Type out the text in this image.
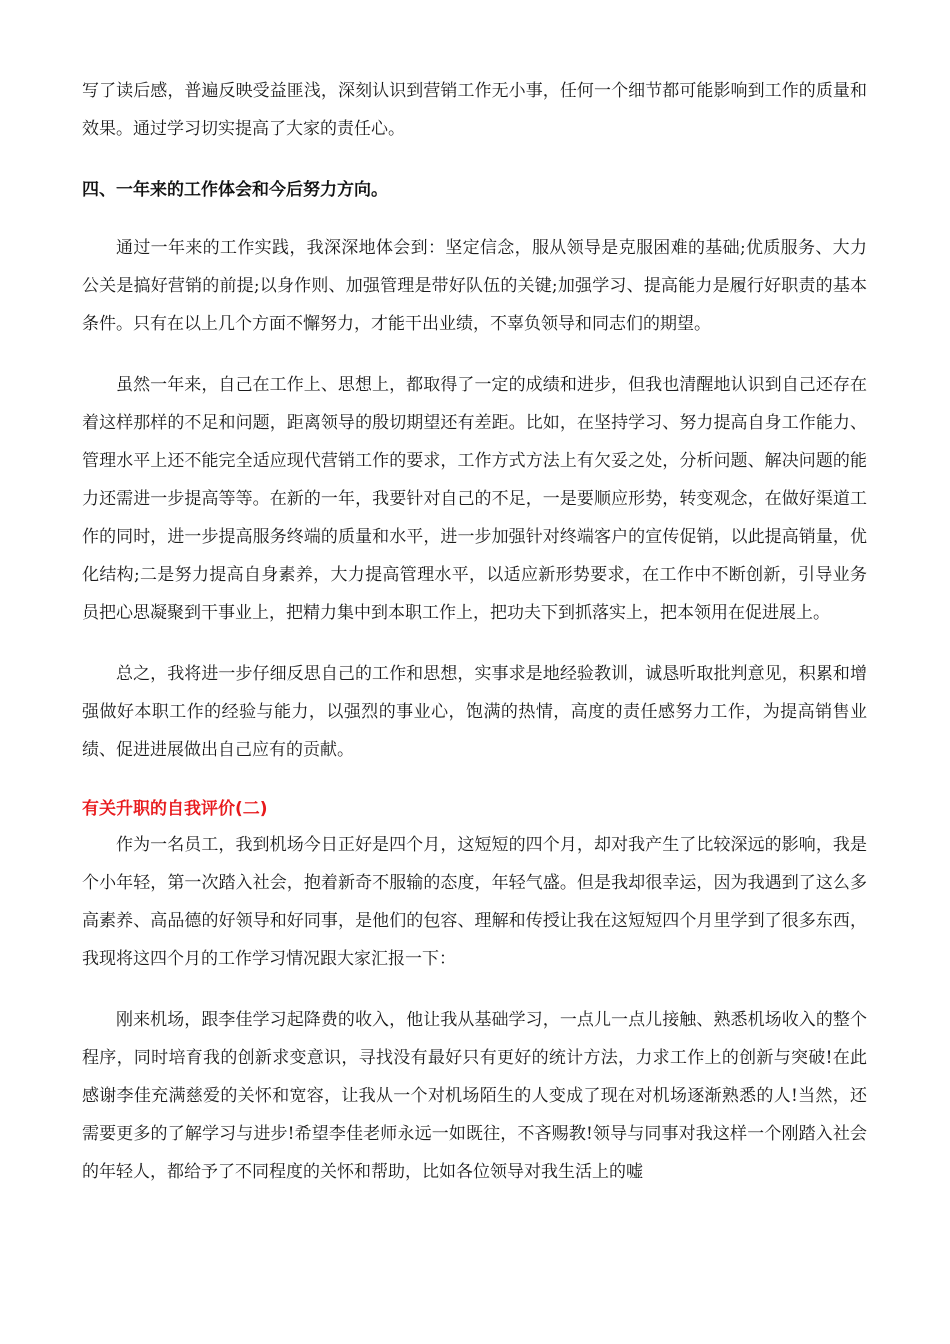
写了读后感，普遍反映受益匪浅，深刻认识到营销工作无小事，任何一个细节都可能影响到工作的质量和效果。通过学习切实提高了大家的责任心。

四、一年来的工作体会和今后努力方向。

通过一年来的工作实践，我深深地体会到：坚定信念，服从领导是克服困难的基础;优质服务、大力公关是搞好营销的前提;以身作则、加强管理是带好队伍的关键;加强学习、提高能力是履行好职责的基本条件。只有在以上几个方面不懈努力，才能干出业绩，不辜负领导和同志们的期望。

虽然一年来，自己在工作上、思想上，都取得了一定的成绩和进步，但我也清醒地认识到自己还存在着这样那样的不足和问题，距离领导的殷切期望还有差距。比如，在坚持学习、努力提高自身工作能力、管理水平上还不能完全适应现代营销工作的要求，工作方式方法上有欠妥之处，分析问题、解决问题的能力还需进一步提高等等。在新的一年，我要针对自己的不足，一是要顺应形势，转变观念，在做好渠道工作的同时，进一步提高服务终端的质量和水平，进一步加强针对终端客户的宣传促销，以此提高销量，优化结构;二是努力提高自身素养，大力提高管理水平，以适应新形势要求，在工作中不断创新，引导业务员把心思凝聚到干事业上，把精力集中到本职工作上，把功夫下到抓落实上，把本领用在促进展上。

总之，我将进一步仔细反思自己的工作和思想，实事求是地经验教训，诚恳听取批判意见，积累和增强做好本职工作的经验与能力，以强烈的事业心，饱满的热情，高度的责任感努力工作，为提高销售业绩、促进进展做出自己应有的贡献。

有关升职的自我评价(二)

作为一名员工，我到机场今日正好是四个月，这短短的四个月，却对我产生了比较深远的影响，我是个小年轻，第一次踏入社会，抱着新奇不服输的态度，年轻气盛。但是我却很幸运，因为我遇到了这么多高素养、高品德的好领导和好同事，是他们的包容、理解和传授让我在这短短四个月里学到了很多东西，我现将这四个月的工作学习情况跟大家汇报一下：

刚来机场，跟李佳学习起降费的收入，他让我从基础学习，一点儿一点儿接触、熟悉机场收入的整个程序，同时培育我的创新求变意识，寻找没有最好只有更好的统计方法，力求工作上的创新与突破!在此感谢李佳充满慈爱的关怀和宽容，让我从一个对机场陌生的人变成了现在对机场逐渐熟悉的人!当然，还需要更多的了解学习与进步!希望李佳老师永远一如既往，不吝赐教!领导与同事对我这样一个刚踏入社会的年轻人，都给予了不同程度的关怀和帮助，比如各位领导对我生活上的嘘
